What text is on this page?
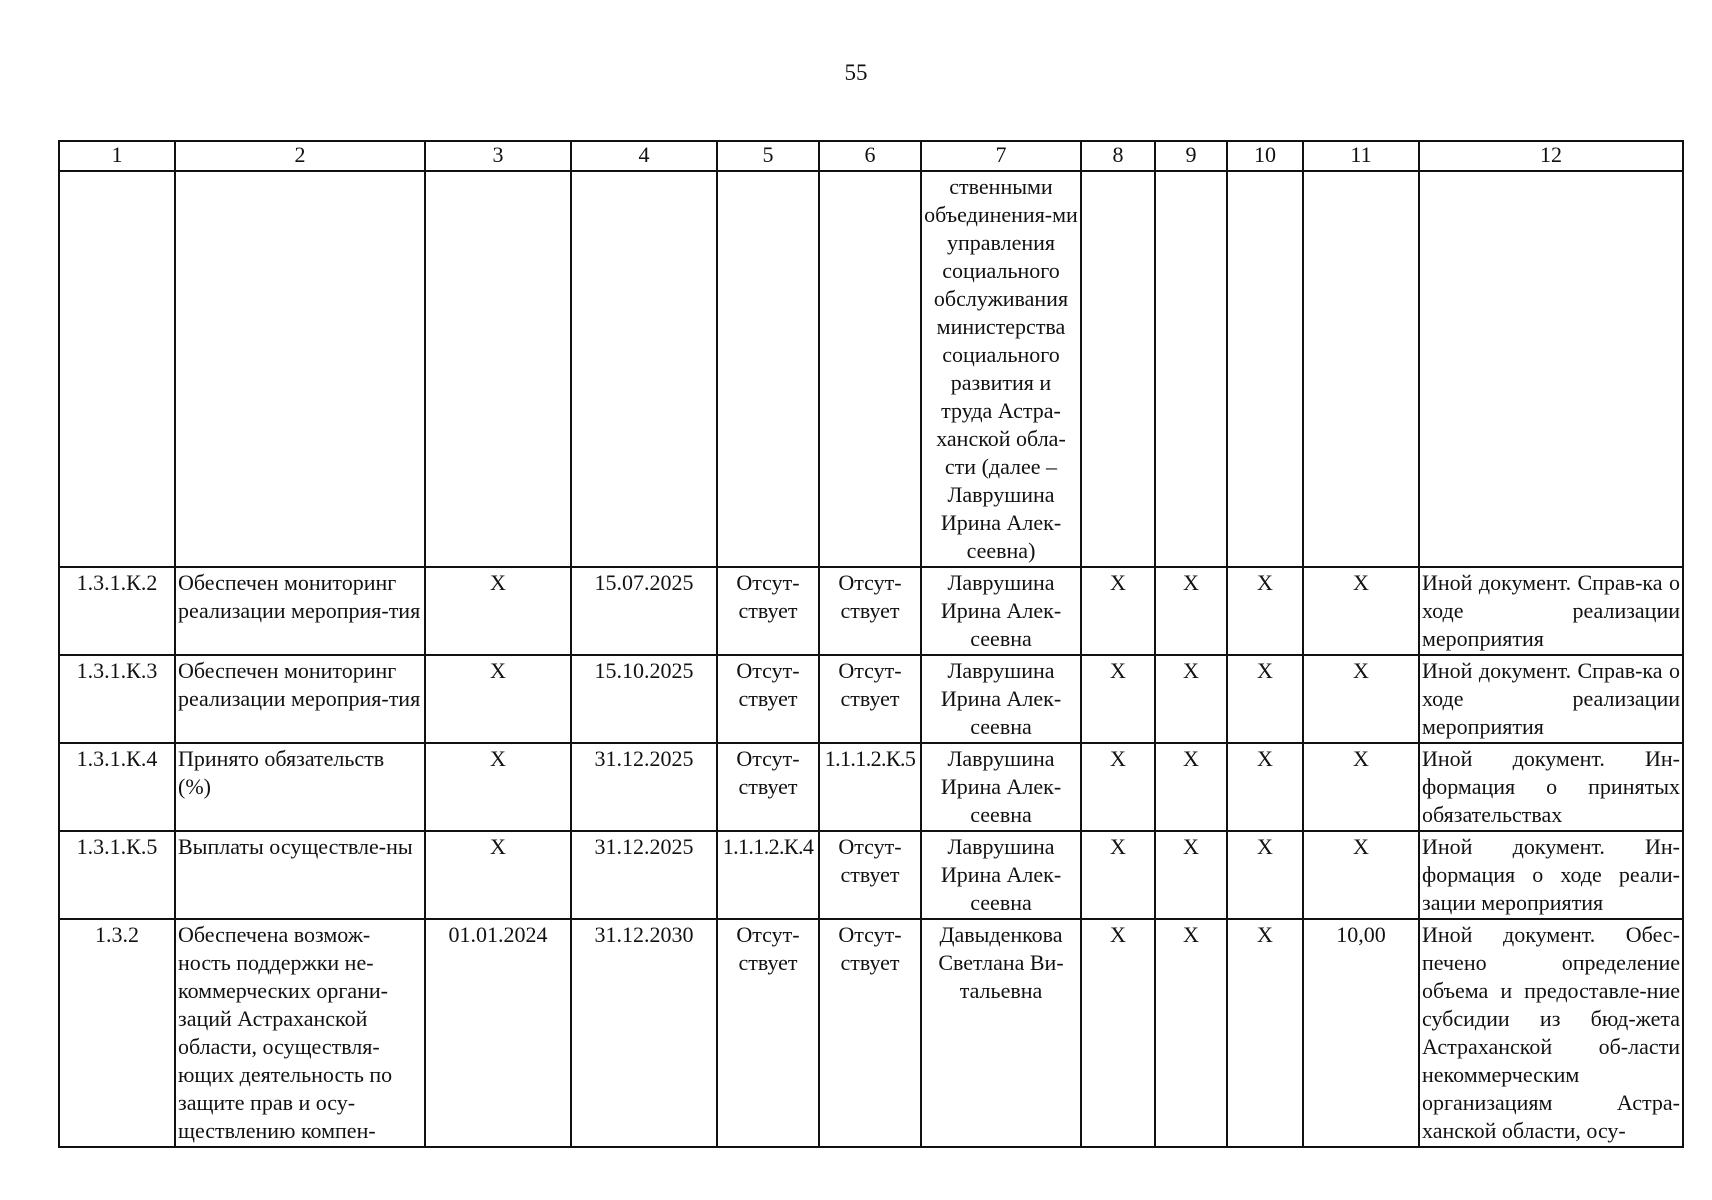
55
1	2	3	4	5	6	7	8	9	10	11	12
						ственными объединения-ми управления социального обслуживания министерства социального развития и труда Астра-ханской обла-сти (далее – Лаврушина Ирина Алек-сеевна)					
1.3.1.К.2	Обеспечен мониторинг реализации мероприя-тия	X	15.07.2025	Отсут-ствует	Отсут-ствует	Лаврушина Ирина Алек-сеевна	X	X	X	X	Иной документ. Справ-ка о ходе реализации мероприятия
1.3.1.К.3	Обеспечен мониторинг реализации мероприя-тия	X	15.10.2025	Отсут-ствует	Отсут-ствует	Лаврушина Ирина Алек-сеевна	X	X	X	X	Иной документ. Справ-ка о ходе реализации мероприятия
1.3.1.К.4	Принято обязательств (%)	X	31.12.2025	Отсут-ствует	1.1.1.2.К.5	Лаврушина Ирина Алек-сеевна	X	X	X	X	Иной документ. Ин-формация о принятых обязательствах
1.3.1.К.5	Выплаты осуществле-ны	X	31.12.2025	1.1.1.2.К.4	Отсут-ствует	Лаврушина Ирина Алек-сеевна	X	X	X	X	Иной документ. Ин-формация о ходе реали-зации мероприятия
1.3.2	Обеспечена возмож-ность поддержки не-коммерческих органи-заций Астраханской области, осуществля-ющих деятельность по защите прав и осу-ществлению компен-	01.01.2024	31.12.2030	Отсут-ствует	Отсут-ствует	Давыденкова Светлана Ви-тальевна	X	X	X	10,00	Иной документ. Обес-печено определение объема и предоставле-ние субсидии из бюд-жета Астраханской об-ласти некоммерческим организациям Астра-ханской области, осу-
